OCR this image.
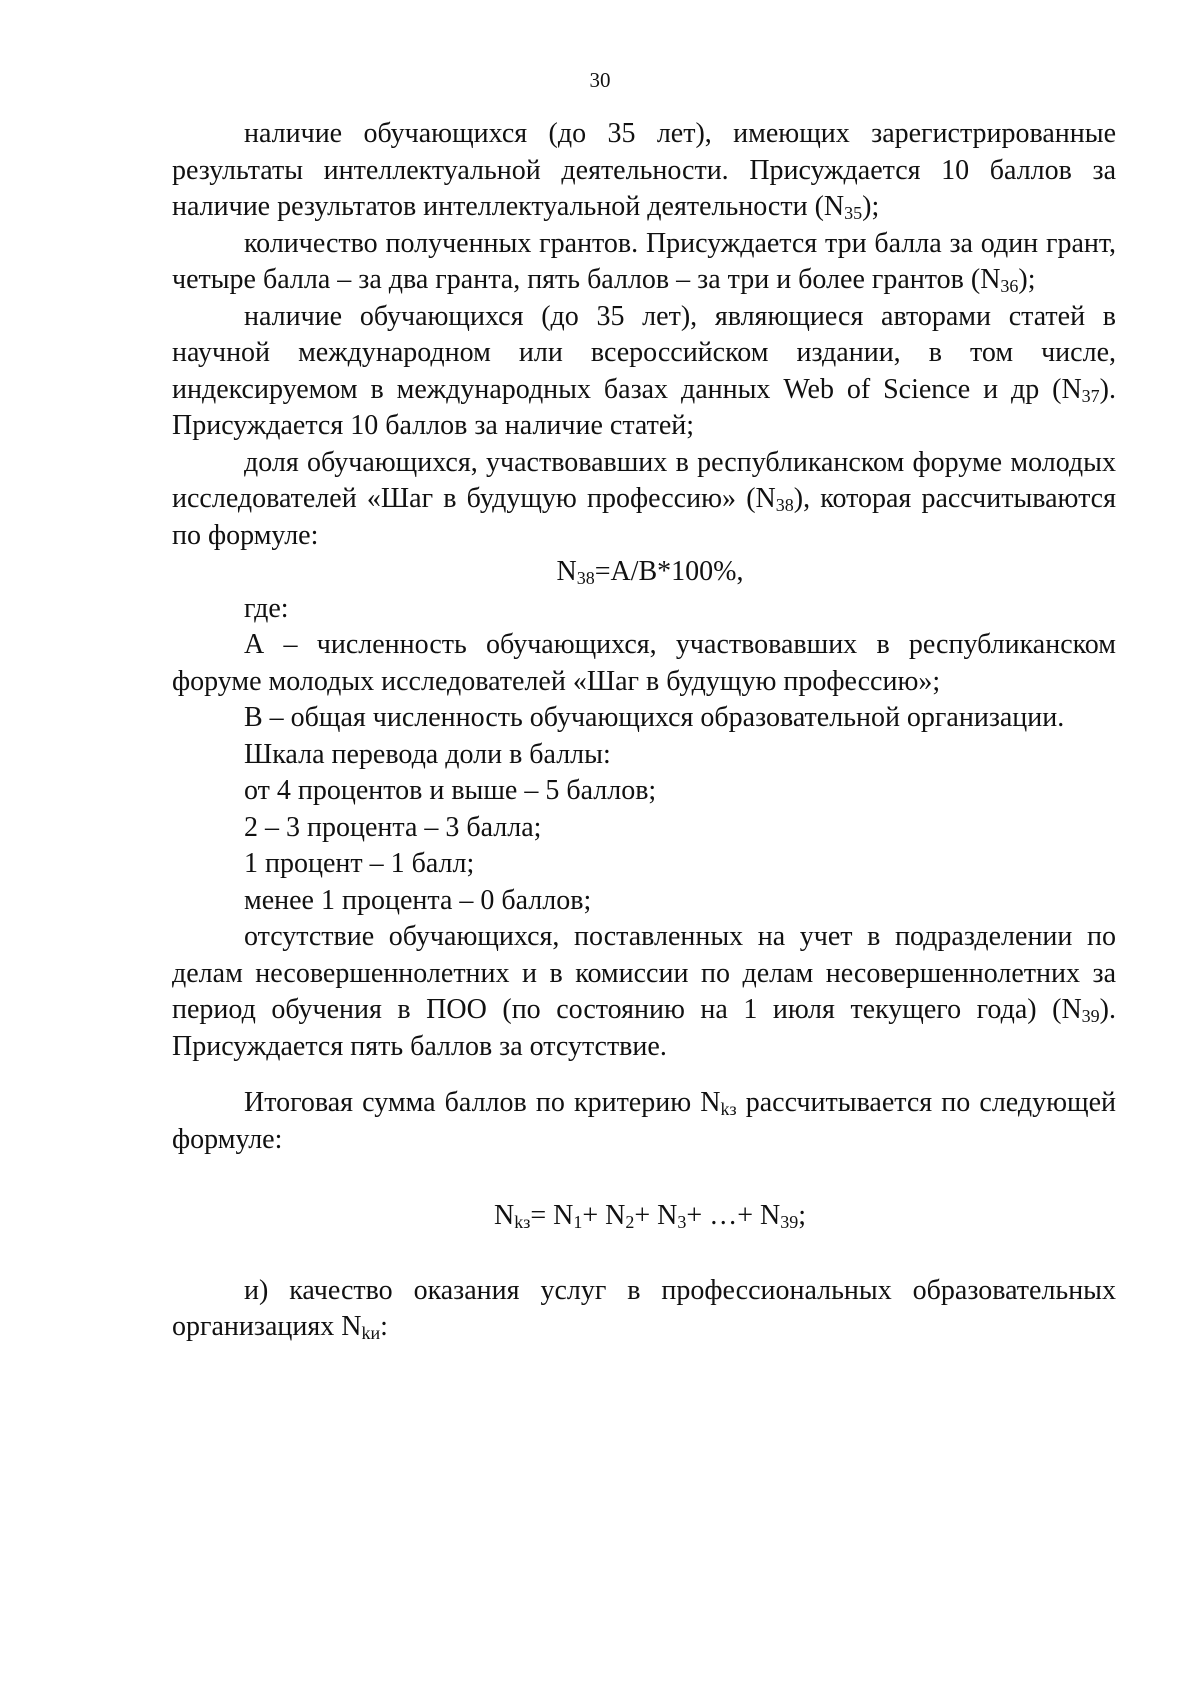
30

наличие обучающихся (до 35 лет), имеющих зарегистрированные результаты интеллектуальной деятельности. Присуждается 10 баллов за наличие результатов интеллектуальной деятельности $(N_{35})$;

количество полученных грантов. Присуждается три балла за один грант, четыре балла – за два гранта, пять баллов – за три и более грантов $(N_{36})$;

наличие обучающихся (до 35 лет), являющиеся авторами статей в научной международном или всероссийском издании, в том числе, индексируемом в международных базах данных Web of Science и др $(N_{37})$. Присуждается 10 баллов за наличие статей;

доля обучающихся, участвовавших в республиканском форуме молодых исследователей «Шаг в будущую профессию» $(N_{38})$, которая рассчитываются по формуле:

$N_{38}=A/B*100\%$,

где:

А – численность обучающихся, участвовавших в республиканском форуме молодых исследователей «Шаг в будущую профессию»;

В – общая численность обучающихся образовательной организации.

Шкала перевода доли в баллы:

от 4 процентов и выше – 5 баллов;

2 – 3 процента – 3 балла;

1 процент – 1 балл;

менее 1 процента – 0 баллов;

отсутствие обучающихся, поставленных на учет в подразделении по делам несовершеннолетних и в комиссии по делам несовершеннолетних за период обучения в ПОО (по состоянию на 1 июля текущего года) $(N_{39})$. Присуждается пять баллов за отсутствие.

Итоговая сумма баллов по критерию $N_{kз}$ рассчитывается по следующей формуле:

$N_{kз}= N_1+ N_2+ N_3+$ …+ $N_{39}$;

и) качество оказания услуг в профессиональных образовательных организациях $N_{kи}$:
